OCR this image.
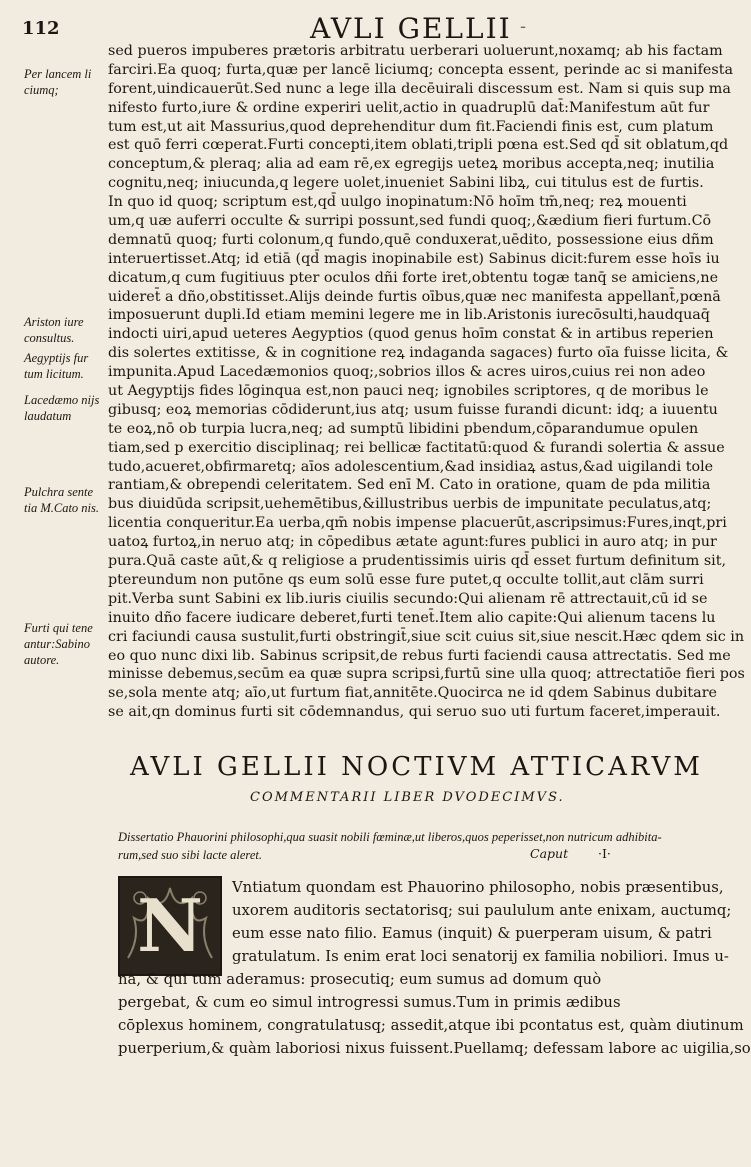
112	AVLI GELLII -
Per lancem li ciumq;
Ariston iure consultus.
Aegyptijs fur tum licitum.
Lacedæmo nijs laudatum
Pulchra sente tia M.Cato nis.
Furti qui tene antur:Sabino autore.
sed pueros impuberes prætoris arbitratu uerberari uoluerunt,noxamq; ab his factam
farciri.Ea quoq; furta,quæ per lancē liciumq; concepta essent, perinde ac si manifesta
forent,uindicauerūt.Sed nunc a lege illa decēuirali discessum est. Nam si quis sup ma
nifesto furto,iure & ordine experiri uelit,actio in quadruplū dat̄:Manifestum aūt fur
tum est,ut ait Massurius,quod deprehenditur dum fit.Faciendi finis est, cum platum
est quō ferri cœperat.Furti concepti,item oblati,tripli pœna est.Sed qd̄ sit oblatum,qd
conceptum,& pleraq; alia ad eam rē,ex egregijs ueteꝝ moribus accepta,neq; inutilia
cognitu,neq; iniucunda,q legere uolet,inueniet Sabini libꝝ, cui titulus est de furtis.
In quo id quoq; scriptum est,qd̄ uulgo inopinatum:Nō hoīm tm̄,neq; reꝝ mouenti
um,q uæ auferri occulte & surripi possunt,sed fundi quoq;,&ædium fieri furtum.Cō
demnatū quoq; furti colonum,q fundo,quē conduxerat,uēdito, possessione eius dñm
interuertisset.Atq; id etiā (qd̄ magis inopinabile est) Sabinus dicit:furem esse hoīs iu
dicatum,q cum fugitiuus pter oculos dñi forte iret,obtentu togæ tanq̄ se amiciens,ne
uideret̄ a dño,obstitisset.Alijs deinde furtis oībus,quæ nec manifesta appellant̄,pœnā
imposuerunt dupli.Id etiam memini legere me in lib.Aristonis iurecōsulti,haudquaq̄
indocti uiri,apud ueteres Aegyptios (quod genus hoīm constat & in artibus reperien
dis solertes extitisse, & in cognitione reꝝ indaganda sagaces) furto oīa fuisse licita, &
impunita.Apud Lacedæmonios quoq;,sobrios illos & acres uiros,cuius rei non adeo
ut Aegyptijs fides lōginqua est,non pauci neq; ignobiles scriptores, q de moribus le
gibusq; eoꝝ memorias cōdiderunt,ius atq; usum fuisse furandi dicunt: idq; a iuuentu
te eoꝝ,nō ob turpia lucra,neq; ad sumptū libidini pbendum,cōparandumue opulen
tiam,sed p exercitio disciplinaq; rei bellicæ factitatū:quod & furandi solertia & assue
tudo,acueret,obfirmaretq; aīos adolescentium,&ad insidiaꝝ astus,&ad uigilandi tole
rantiam,& obrependi celeritatem. Sed enī M. Cato in oratione, quam de pda militia
bus diuidūda scripsit,uehemētibus,&illustribus uerbis de impunitate peculatus,atq;
licentia conqueritur.Ea uerba,qm̄ nobis impense placuerūt,ascripsimus:Fures,inqt,pri
uatoꝝ furtoꝝ,in neruo atq; in cōpedibus ætate agunt:fures publici in auro atq; in pur
pura.Quā caste aūt,& q religiose a prudentissimis uiris qd̄ esset furtum definitum sit,
ptereundum non putōne qs eum solū esse fure putet,q occulte tollit,aut clām surri
pit.Verba sunt Sabini ex lib.iuris ciuilis secundo:Qui alienam rē attrectauit,cū id se
inuito dño facere iudicare deberet,furti tenet̄.Item alio capite:Qui alienum tacens lu
cri faciundi causa sustulit,furti obstringit̄,siue scit cuius sit,siue nescit.Hæc qdem sic in
eo quo nunc dixi lib. Sabinus scripsit,de rebus furti faciendi causa attrectatis. Sed me
minisse debemus,secūm ea quæ supra scripsi,furtū sine ulla quoq; attrectatiōe fieri pos
se,sola mente atq; aīo,ut furtum fiat,annitēte.Quocirca ne id qdem Sabinus dubitare
se ait,qn dominus furti sit cōdemnandus, qui seruo suo uti furtum faceret,imperauit.
AVLI GELLII NOCTIVM ATTICARVM
COMMENTARII LIBER DVODECIMVS.
Dissertatio Phauorini philosophi,qua suasit nobili fœminæ,ut liberos,quos peperisset,non nutricum adhibita-
rum,sed suo sibi lacte aleret.	Caput ·I·
N	Vntiatum quondam est Phauorino philosopho, nobis præsentibus,
uxorem auditoris sectatorisq; sui paululum ante enixam, auctumq;
eum esse nato filio. Eamus (inquit) & puerperam uisum, & patri
gratulatum. Is enim erat loci senatorij ex familia nobiliori. Imus u-
nà, & qui tum aderamus: prosecutiq; eum sumus ad domum quò
pergebat, & cum eo simul introgressi sumus.Tum in primis ædibus
cōplexus hominem, congratulatusq; assedit,atque ibi pcontatus est, quàm diutinum
puerperium,& quàm laboriosi nixus fuissent.Puellamq; defessam labore ac uigilia,so
